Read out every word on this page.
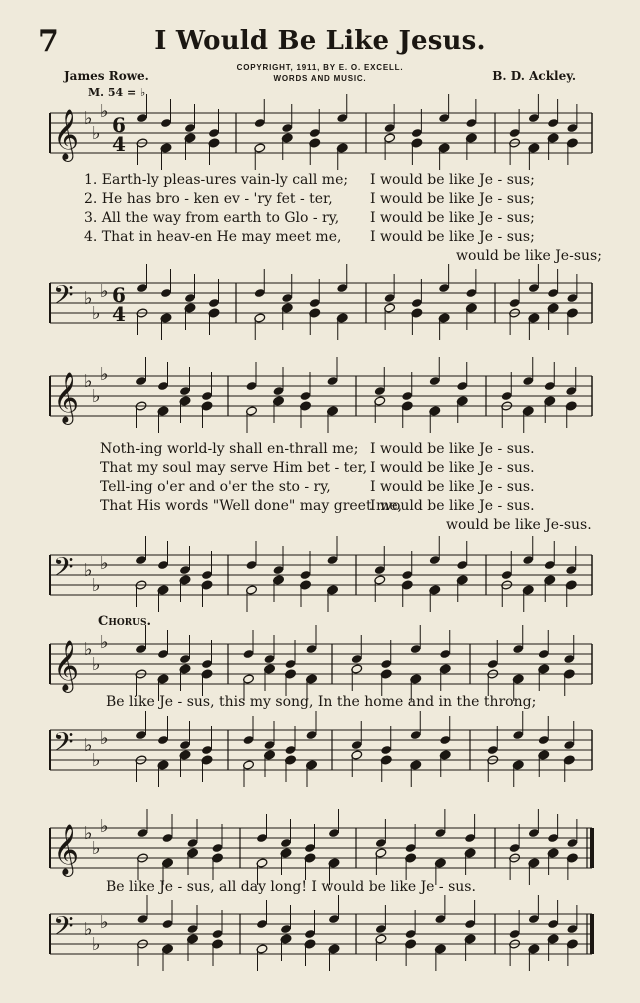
7	I Would Be Like Jesus.
COPYRIGHT, 1911, BY E. O. EXCELL.
WORDS AND MUSIC.
James Rowe.	B. D. Ackley.
M. 54 = ♭
𝄞 ♭
♭
♭
6
4
1. Earth-ly pleas-ures vain-ly call me; I would be like Je - sus;
2. He has bro - ken ev - 'ry fet - ter,	I would be like Je - sus;
3. All the way from earth to Glo - ry, I would be like Je - sus;
4. That in heav-en He may meet me, I would be like Je - sus;
would be like Je-sus;
𝄢 ♭
♭
♭ 6
4
𝄞 ♭
♭
♭
Noth-ing world-ly shall en-thrall me; I would be like Je - sus.
That my soul may serve Him bet - ter, I would be like Je - sus.
Tell-ing o'er and o'er the sto - ry,	I would be like Je - sus.
That His words "Well done" may greet me,
I would be like Je - sus.
would be like Je-sus.
𝄢 ♭
♭
♭
Chorus.
𝄞 ♭
♭
♭
Be like Je - sus, this my song, In the home and in the throng;
𝄢 ♭
♭
♭
𝄞 ♭
♭
♭
Be like Je - sus, all day long! I would be like Je - sus.
𝄢 ♭
♭
♭
